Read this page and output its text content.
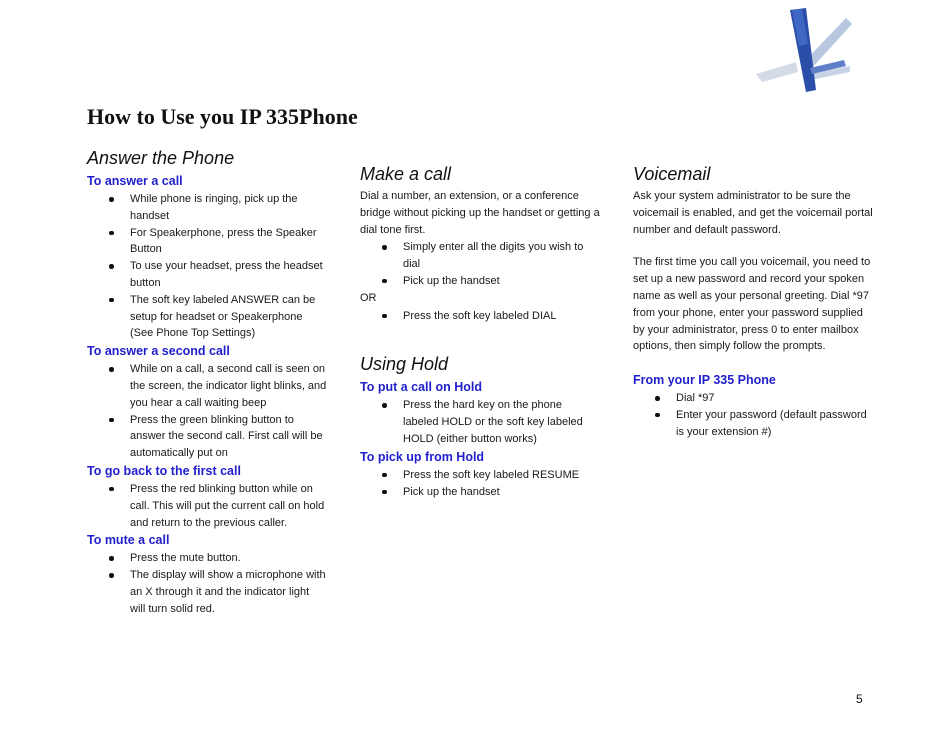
How to Use you IP 335Phone
Answer the Phone
To answer a call
While phone is ringing, pick up the handset
For Speakerphone, press the Speaker Button
To use your headset, press the headset button
The soft key labeled ANSWER can be setup for headset or Speakerphone (See Phone Top Settings)
To answer a second call
While on a call, a second call is seen on the screen, the indicator light blinks, and you hear a call waiting beep
Press the green blinking button to answer the second call. First call will be automatically put on
To go back to the first call
Press the red blinking button while on call. This will put the current call on hold and return to the previous caller.
To mute a call
Press the mute button.
The display will show a microphone with an X through it and the indicator light will turn solid red.
Make a call

Dial a number, an extension, or a conference bridge without picking up the handset or getting a dial tone first.

Simply enter all the digits you wish to dial
Pick up the handset

OR

Press the soft key labeled DIAL
Using Hold
To put a call on Hold
Press the hard key on the phone labeled HOLD or the soft key labeled HOLD (either button works)
To pick up from Hold
Press the soft key labeled RESUME
Pick up the handset
Voicemail

Ask your system administrator to be sure the voicemail is enabled, and get the voicemail portal number and default password.

The first time you call you voicemail, you need to set up a new password and record your spoken name as well as your personal greeting. Dial *97 from your phone, enter your password supplied by your administrator, press 0 to enter mailbox options, then simply follow the prompts.

From your IP 335 Phone
Dial *97
Enter your password (default password is your extension #)
5
